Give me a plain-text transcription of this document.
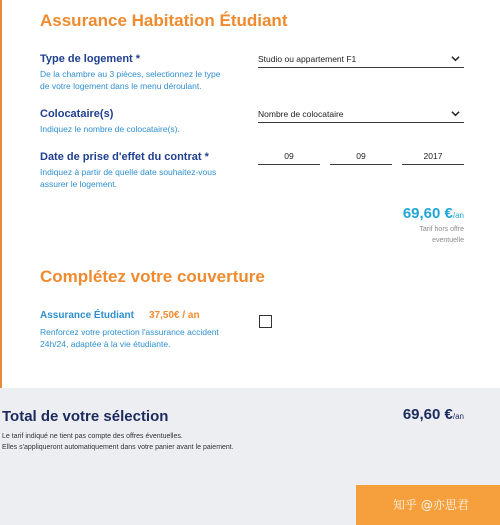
Assurance Habitation Étudiant
Type de logement *
De la chambre au 3 pièces, selectionnez le type
de votre logement dans le menu déroulant.
Studio ou appartement F1
Colocataire(s)
Indiquez le nombre de colocataire(s).
Nombre de colocataire
Date de prise d'effet du contrat *
Indiquez à partir de quelle date souhaitez-vous
assurer le logement.
09	09	2017
69,60 €/an
Tarif hors offre
eventuelle
Complétez votre couverture
Assurance Étudiant 37,50€ / an
Renforcez votre protection l'assurance accident
24h/24, adaptée à la vie étudiante.
Total de votre sélection	69,60 €/an
Le tarif indiqué ne tient pas compte des offres éventuelles.
Elles s'appliqueront automatiquement dans votre panier avant le paiement.
知乎 @亦思君
